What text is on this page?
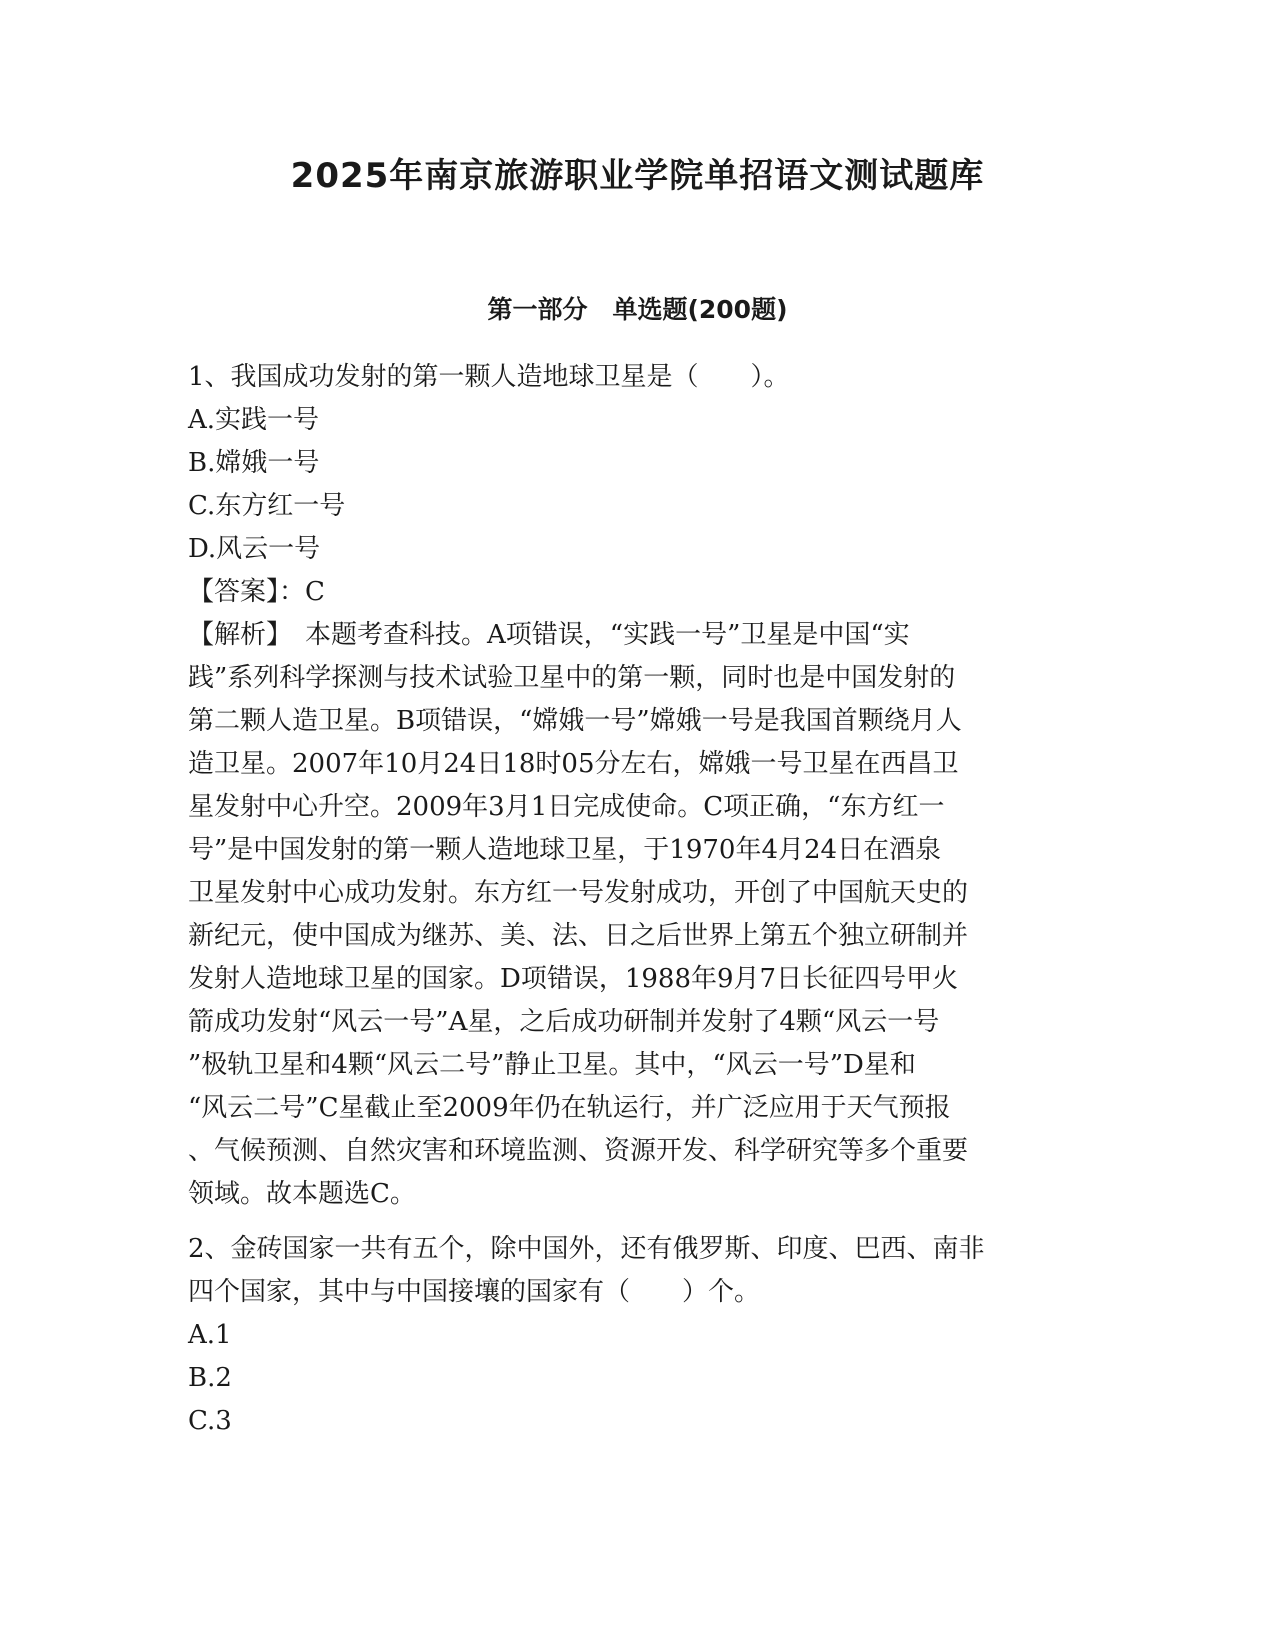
2025年南京旅游职业学院单招语文测试题库
第一部分　单选题(200题)
1、我国成功发射的第一颗人造地球卫星是（　　）。
A.实践一号
B.嫦娥一号
C.东方红一号
D.风云一号
【答案】：C
【解析】　本题考查科技。A项错误，“实践一号”卫星是中国“实
践”系列科学探测与技术试验卫星中的第一颗，同时也是中国发射的
第二颗人造卫星。B项错误，“嫦娥一号”嫦娥一号是我国首颗绕月人
造卫星。2007年10月24日18时05分左右，嫦娥一号卫星在西昌卫
星发射中心升空。2009年3月1日完成使命。C项正确，“东方红一
号”是中国发射的第一颗人造地球卫星，于1970年4月24日在酒泉
卫星发射中心成功发射。东方红一号发射成功，开创了中国航天史的
新纪元，使中国成为继苏、美、法、日之后世界上第五个独立研制并
发射人造地球卫星的国家。D项错误，1988年9月7日长征四号甲火
箭成功发射“风云一号”A星，之后成功研制并发射了4颗“风云一号
”极轨卫星和4颗“风云二号”静止卫星。其中，“风云一号”D星和
“风云二号”C星截止至2009年仍在轨运行，并广泛应用于天气预报
、气候预测、自然灾害和环境监测、资源开发、科学研究等多个重要
领域。故本题选C。
2、金砖国家一共有五个，除中国外，还有俄罗斯、印度、巴西、南非
四个国家，其中与中国接壤的国家有（　　）个。
A.1
B.2
C.3
